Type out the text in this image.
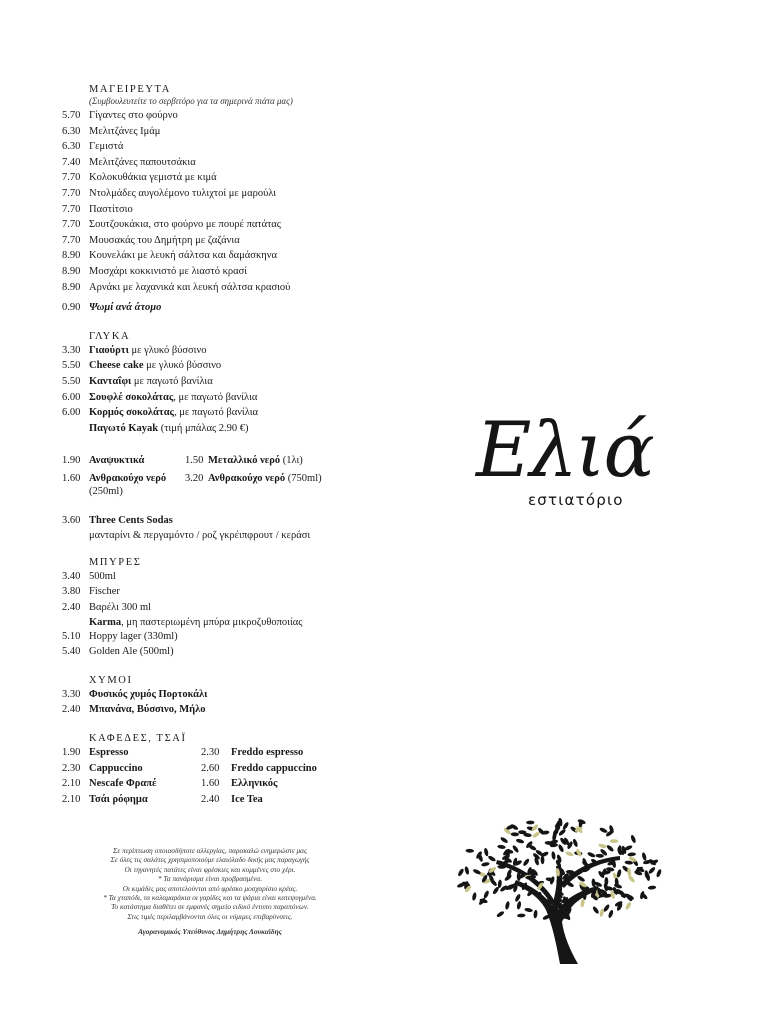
ΜΑΓΕΙΡΕΥΤΑ
(Συμβουλευτείτε το σερβιτόρο για τα σημερινά πιάτα μας)
5.70 Γίγαντες στο φούρνο
6.30 Μελιτζάνες Ιμάμ
6.30 Γεμιστά
7.40 Μελιτζάνες παπουτσάκια
7.70 Κολοκυθάκια γεμιστά με κιμά
7.70 Ντολμάδες αυγολέμονο τυλιχτοί με μαρούλι
7.70 Παστίτσιο
7.70 Σουτζουκάκια, στο φούρνο με πουρέ πατάτας
7.70 Μουσακάς του Δημήτρη με ζαζάνια
8.90 Κουνελάκι με λευκή σάλτσα και δαμάσκηνα
8.90 Μοσχάρι κοκκινιστό με λιαστό κρασί
8.90 Αρνάκι με λαχανικά και λευκή σάλτσα κρασιού
0.90 Ψωμί ανά άτομο
ΓΛΥΚΑ
3.30 Γιαούρτι με γλυκό βύσσινο
5.50 Cheese cake με γλυκό βύσσινο
5.50 Κανταΐφι με παγωτό βανίλια
6.00 Σουφλέ σοκολάτας, με παγωτό βανίλια
6.00 Κορμός σοκολάτας, με παγωτό βανίλια
Παγωτό Kayak (τιμή μπάλας 2.90 €)
1.90 Αναψυκτικά	1.50 Μεταλλικό νερό (1λι)
1.60 Ανθρακούχο νερό	3.20 Ανθρακούχο νερό (750ml)
(250ml)
3.60 Three Cents Sodas
μανταρίνι & περγαμόντο / ροζ γκρέιπφρουτ / κεράσι
ΜΠΥΡΕΣ
3.40 500ml
3.80 Fischer
2.40 Βαρέλι 300 ml
Karma, μη παστεριωμένη μπύρα μικροζυθοποιίας
5.10 Hoppy lager (330ml)
5.40 Golden Ale (500ml)
ΧΥΜΟΙ
3.30 Φυσικός χυμός Πορτοκάλι
2.40 Μπανάνα, Βύσσινο, Μήλο
ΚΑΦΕΔΕΣ, ΤΣΑΪ
1.90 Espresso	2.30	Freddo espresso
2.30 Cappuccino	2.60	Freddo cappuccino
2.10 Nescafe Φραπέ	1.60	Ελληνικός
2.10 Τσάι ρόφημα	2.40	Ice Tea
Σε περίπτωση οποιασδήποτε αλλεργίας, παρακαλώ ενημερώστε μας
Σε όλες τις σαλάτες χρησιμοποιούμε ελαιόλαδο δικής μας παραγωγής
Οι τηγανητές πατάτες είναι φρέσκιες και κομμένες στο χέρι.
* Τα πανάρισμα είναι προβρασμένα.
Οι κιμάδες μας αποτελούνται από φρέσκο μοσχαρίσιο κρέας.
* Τα χταπόδι, τα καλαμαράκια οι γαρίδες και τα ψάρια είναι κατεψυγμένα.
Το κατάστημα διαθέτει σε εμφανές σημείο ειδικό έντυπο παραπόνων.
Στις τιμές περιλαμβάνονται όλες οι νόμιμες επιβαρύνσεις.
Αγορανομικός Υπεύθυνος Δημήτρης Λουκαϊδης
Ελιά
εστιατόριο
